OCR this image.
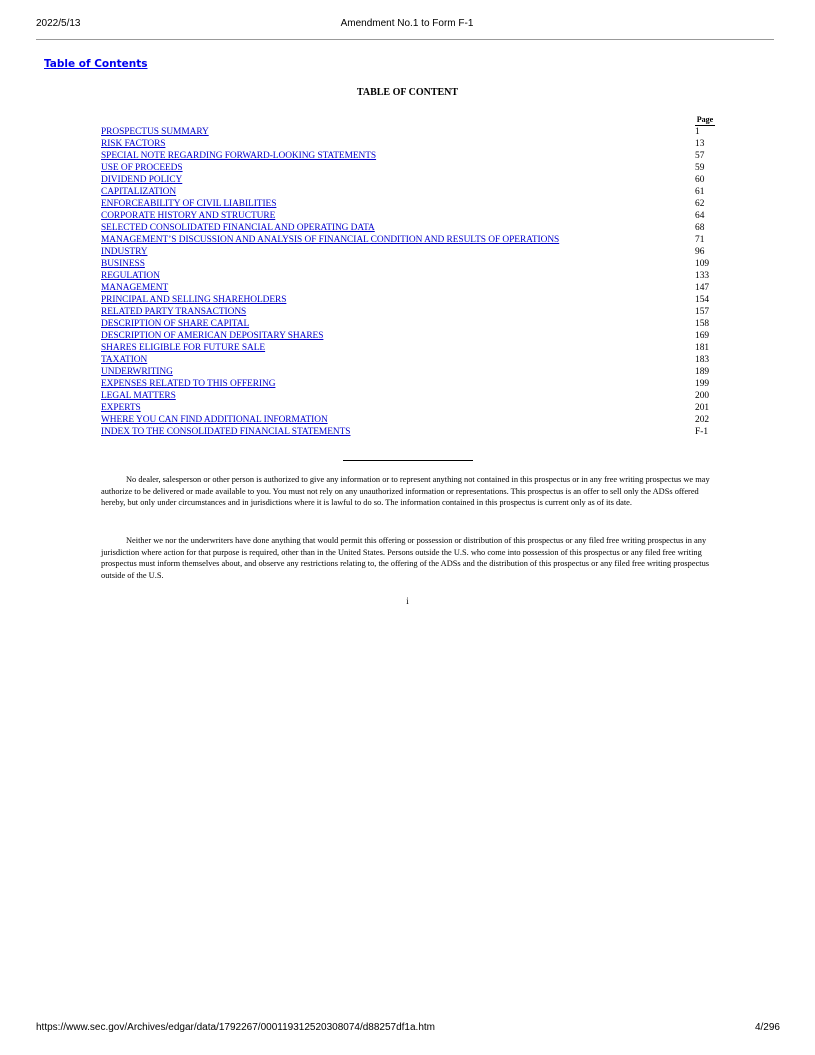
2022/5/13	Amendment No.1 to Form F-1
Table of Contents
TABLE OF CONTENT
Page
PROSPECTUS SUMMARY	1
RISK FACTORS	13
SPECIAL NOTE REGARDING FORWARD-LOOKING STATEMENTS	57
USE OF PROCEEDS	59
DIVIDEND POLICY	60
CAPITALIZATION	61
ENFORCEABILITY OF CIVIL LIABILITIES	62
CORPORATE HISTORY AND STRUCTURE	64
SELECTED CONSOLIDATED FINANCIAL AND OPERATING DATA	68
MANAGEMENT’S DISCUSSION AND ANALYSIS OF FINANCIAL CONDITION AND RESULTS OF OPERATIONS	71
INDUSTRY	96
BUSINESS	109
REGULATION	133
MANAGEMENT	147
PRINCIPAL AND SELLING SHAREHOLDERS	154
RELATED PARTY TRANSACTIONS	157
DESCRIPTION OF SHARE CAPITAL	158
DESCRIPTION OF AMERICAN DEPOSITARY SHARES	169
SHARES ELIGIBLE FOR FUTURE SALE	181
TAXATION	183
UNDERWRITING	189
EXPENSES RELATED TO THIS OFFERING	199
LEGAL MATTERS	200
EXPERTS	201
WHERE YOU CAN FIND ADDITIONAL INFORMATION	202
INDEX TO THE CONSOLIDATED FINANCIAL STATEMENTS	F-1

No dealer, salesperson or other person is authorized to give any information or to represent anything not contained in this prospectus or in any free writing prospectus we may authorize to be delivered or made available to you. You must not rely on any unauthorized information or representations. This prospectus is an offer to sell only the ADSs offered hereby, but only under circumstances and in jurisdictions where it is lawful to do so. The information contained in this prospectus is current only as of its date.

Neither we nor the underwriters have done anything that would permit this offering or possession or distribution of this prospectus or any filed free writing prospectus in any jurisdiction where action for that purpose is required, other than in the United States. Persons outside the U.S. who come into possession of this prospectus or any filed free writing prospectus must inform themselves about, and observe any restrictions relating to, the offering of the ADSs and the distribution of this prospectus or any filed free writing prospectus outside of the U.S.

i
https://www.sec.gov/Archives/edgar/data/1792267/000119312520308074/d88257df1a.htm	4/296
